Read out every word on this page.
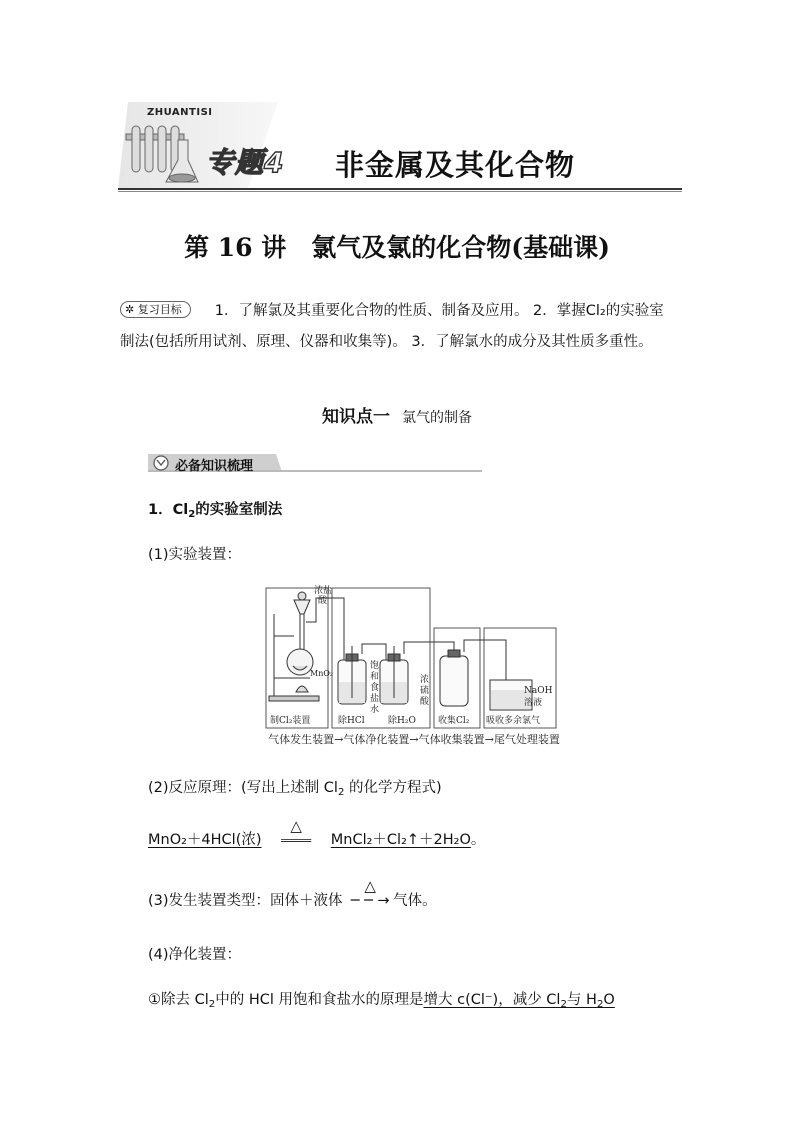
ZHUANTISI
专题4 非金属及其化合物
第 16 讲　氯气及氯的化合物(基础课)
✲ 复习目标 1．了解氯及其重要化合物的性质、制备及应用。 2．掌握Cl₂的实验室制法(包括所用试剂、原理、仪器和收集等)。 3．了解氯水的成分及其性质多重性。
知识点一 氯气的制备
必备知识梳理
1．$Cl_2$的实验室制法
(1)实验装置：
浓盐
酸
MnO₂
饱
和
食
盐
水
浓
硫
酸
NaOH
溶液
制Cl₂装置	除HCl	除H₂O 收集Cl₂ 吸收多余氯气
气体发生装置→气体净化装置→气体收集装置→尾气处理装置
(2)反应原理：(写出上述制 $Cl_2$ 的化学方程式)
MnO₂＋4HCl(浓)
△
═════	MnCl₂＋Cl₂↑＋2H₂O。
(3)发生装置类型：固体＋液体
△
─ ─ → 气体。
(4)净化装置：
①除去 $Cl_2$中的 HCl 用饱和食盐水的原理是增大 c(Cl⁻)，减少 $Cl_2$与 $H_2O$
